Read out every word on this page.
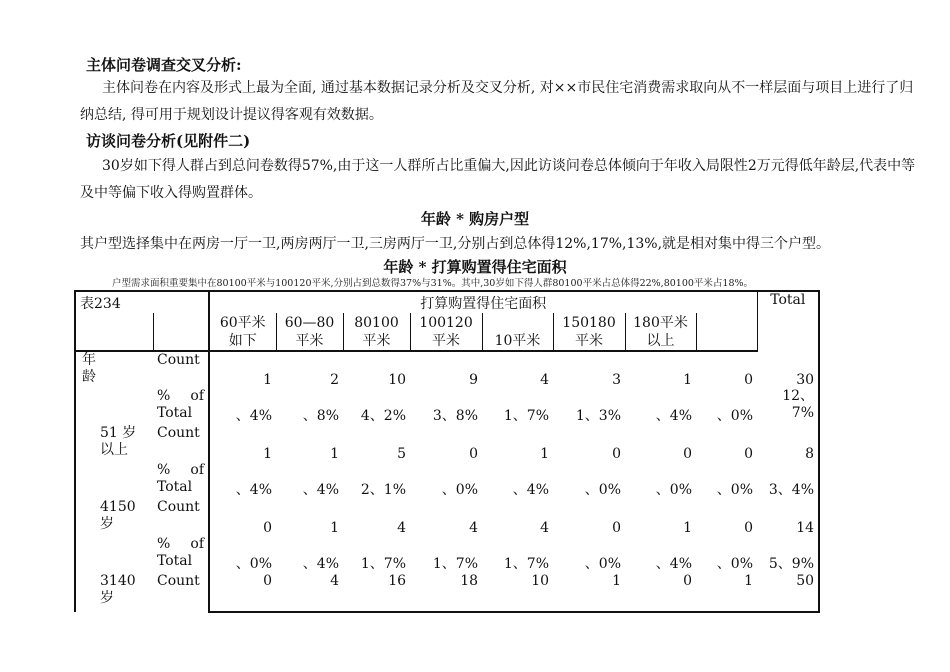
主体问卷调查交叉分析:
主体问卷在内容及形式上最为全面, 通过基本数据记录分析及交叉分析, 对××市民住宅消费需求取向从不一样层面与项目上进行了归纳总结, 得可用于规划设计提议得客观有效数据。
访谈问卷分析(见附件二)
30岁如下得人群占到总问卷数得57%,由于这一人群所占比重偏大,因此访谈问卷总体倾向于年收入局限性2万元得低年龄层,代表中等及中等偏下收入得购置群体。
年龄 * 购房户型
其户型选择集中在两房一厅一卫,两房两厅一卫,三房两厅一卫,分别占到总体得12%,17%,13%,就是相对集中得三个户型。
年龄 * 打算购置得住宅面积
户型需求面积重要集中在80100平米与100120平米,分别占到总数得37%与31%。其中,30岁如下得人群80100平米占总体得22%,80100平米占18%。
表234		打算购置得住宅面积								Total
		60平米如下	60—80平米	80100平米	100120平米	10平米	150180平米	180平米以上		
年龄	Count	1	2	10	9	4	3	1	0	30
	% of Total	、4%	、8%	4、2%	3、8%	1、7%	1、3%	、4%	、0%	12、7%
51 岁以上	Count	1	1	5	0	1	0	0	0	8
	% of Total	、4%	、4%	2、1%	、0%	、4%	、0%	、0%	、0%	3、4%
4150岁	Count	0	1	4	4	4	0	1	0	14
	% of Total	、0%	、4%	1、7%	1、7%	1、7%	、0%	、4%	、0%	5、9%
3140岁	Count	0	4	16	18	10	1	0	1	50
